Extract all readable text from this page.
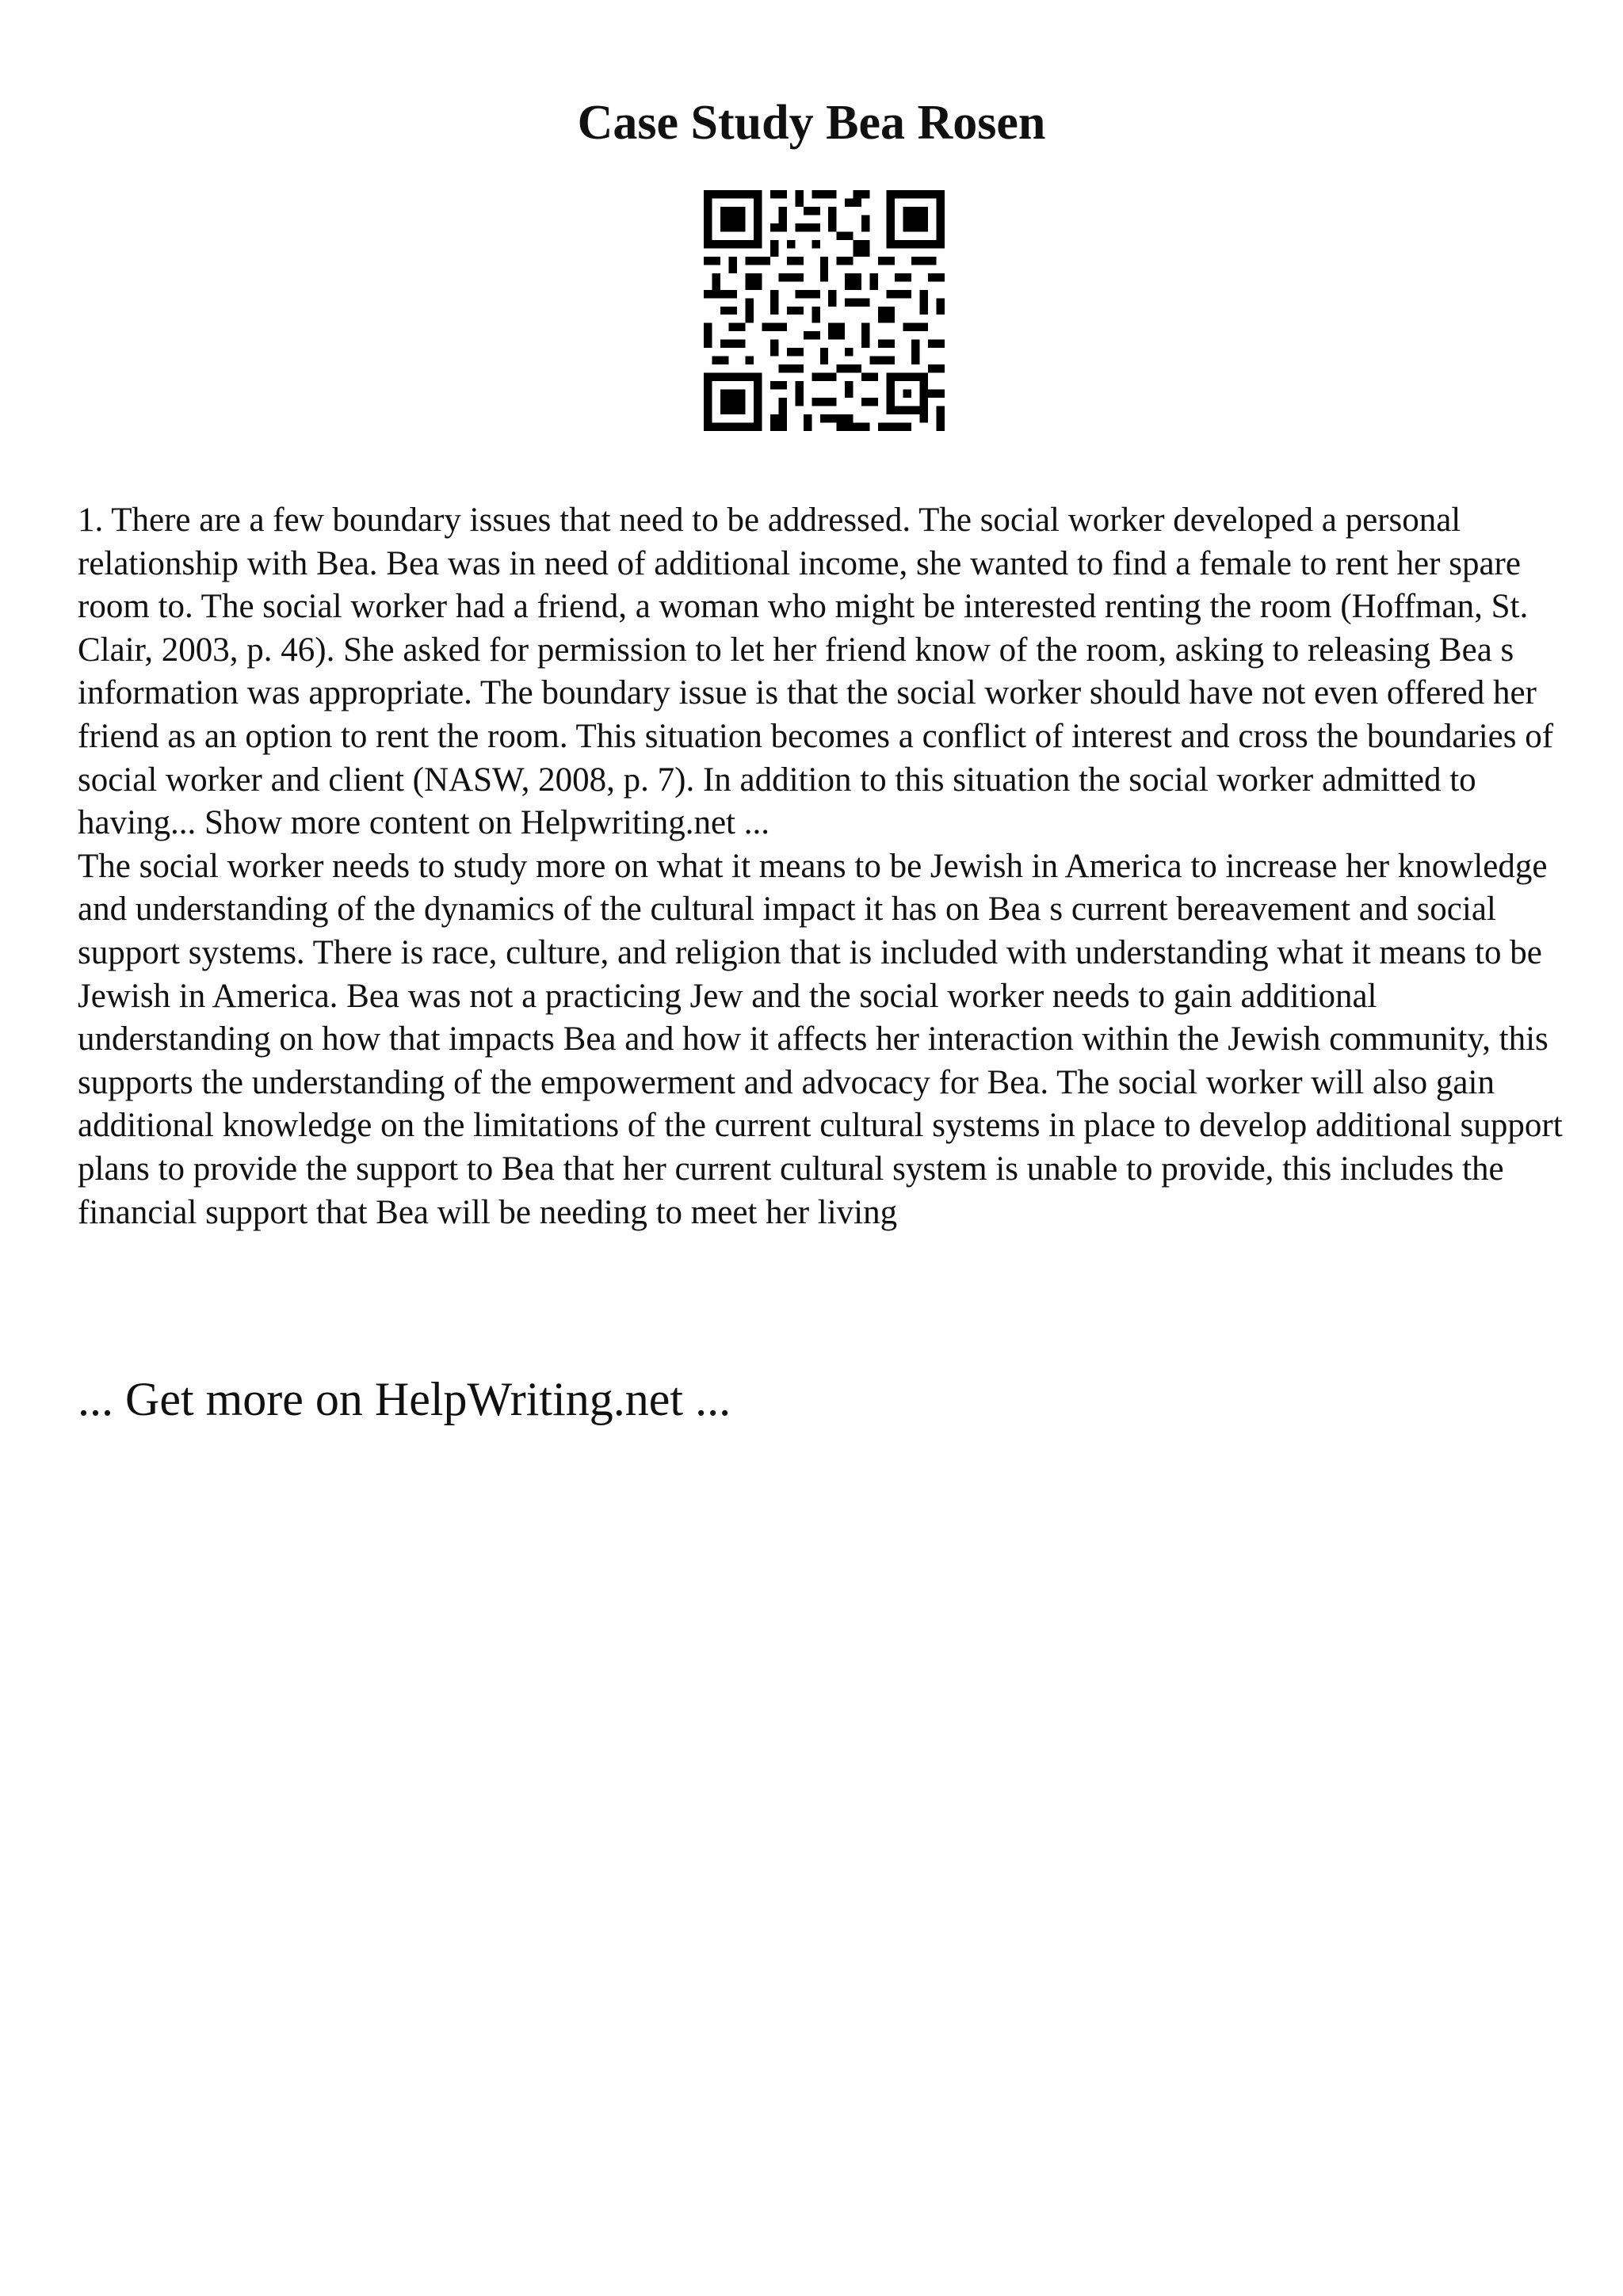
Case Study Bea Rosen

1. There are a few boundary issues that need to be addressed. The social worker developed a personal relationship with Bea. Bea was in need of additional income, she wanted to find a female to rent her spare room to. The social worker had a friend, a woman who might be interested renting the room (Hoffman, St. Clair, 2003, p. 46). She asked for permission to let her friend know of the room, asking to releasing Bea s information was appropriate. The boundary issue is that the social worker should have not even offered her friend as an option to rent the room. This situation becomes a conflict of interest and cross the boundaries of social worker and client (NASW, 2008, p. 7). In addition to this situation the social worker admitted to having... Show more content on Helpwriting.net ...

The social worker needs to study more on what it means to be Jewish in America to increase her knowledge and understanding of the dynamics of the cultural impact it has on Bea s current bereavement and social support systems. There is race, culture, and religion that is included with understanding what it means to be Jewish in America. Bea was not a practicing Jew and the social worker needs to gain additional understanding on how that impacts Bea and how it affects her interaction within the Jewish community, this supports the understanding of the empowerment and advocacy for Bea. The social worker will also gain additional knowledge on the limitations of the current cultural systems in place to develop additional support plans to provide the support to Bea that her current cultural system is unable to provide, this includes the financial support that Bea will be needing to meet her living

... Get more on HelpWriting.net ...
